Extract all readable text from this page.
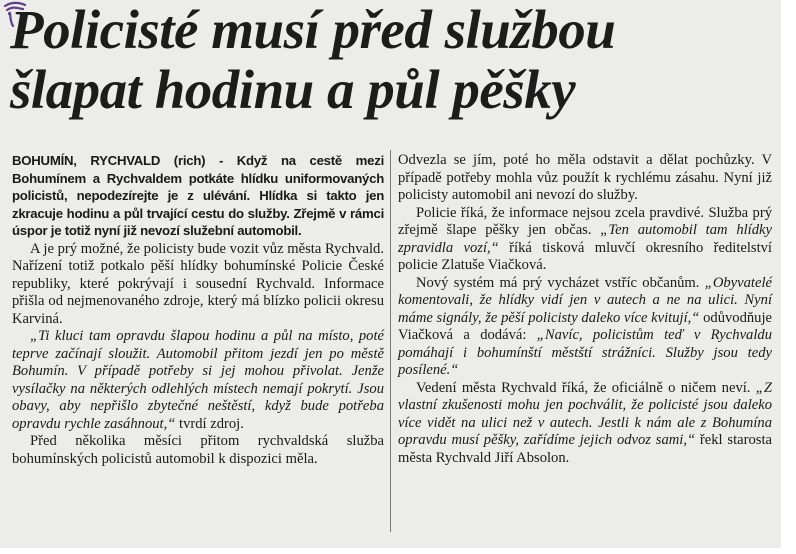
Policisté musí před službou
šlapat hodinu a půl pěšky

BOHUMÍN, RYCHVALD (rich) - Když na cestě mezi Bohumínem a Rychvaldem potkáte hlídku uniformovaných policistů, nepodezírejte je z ulévání. Hlídka si takto jen zkracuje hodinu a půl trvající cestu do služby. Zřejmě v rámci úspor je totiž nyní již nevozí služební automobil.

A je prý možné, že policisty bude vozit vůz města Rychvald. Nařízení totiž potkalo pěší hlídky bohumínské Policie České republiky, které pokrývají i sousední Rychvald. Informace přišla od nejmenovaného zdroje, který má blízko policii okresu Karviná.

„Ti kluci tam opravdu šlapou hodinu a půl na místo, poté teprve začínají sloužit. Automobil přitom jezdí jen po městě Bohumín. V případě potřeby si jej mohou přivolat. Jenže vysílačky na některých odlehlých místech nemají pokrytí. Jsou obavy, aby nepřišlo zbytečné neštěstí, když bude potřeba opravdu rychle zasáhnout,“ tvrdí zdroj.

Před několika měsíci přitom rychvaldská služba bohumínských policistů automobil k dispozici měla.

Odvezla se jím, poté ho měla odstavit a dělat pochůzky. V případě potřeby mohla vůz použít k rychlému zásahu. Nyní již policisty automobil ani nevozí do služby.

Policie říká, že informace nejsou zcela pravdivé. Služba prý zřejmě šlape pěšky jen občas. „Ten automobil tam hlídky zpravidla vozí,“ říká tisková mluvčí okresního ředitelství policie Zlatuše Viačková.

Nový systém má prý vycházet vstříc občanům. „Obyvatelé komentovali, že hlídky vidí jen v autech a ne na ulici. Nyní máme signály, že pěší policisty daleko více kvitují,“ odůvodňuje Viačková a dodává: „Navíc, policistům teď v Rychvaldu pomáhají i bohumínští městští strážníci. Služby jsou tedy posílené.“

Vedení města Rychvald říká, že oficiálně o ničem neví. „Z vlastní zkušenosti mohu jen pochválit, že policisté jsou daleko více vidět na ulici než v autech. Jestli k nám ale z Bohumína opravdu musí pěšky, zařídíme jejich odvoz sami,“ řekl starosta města Rychvald Jiří Absolon.
